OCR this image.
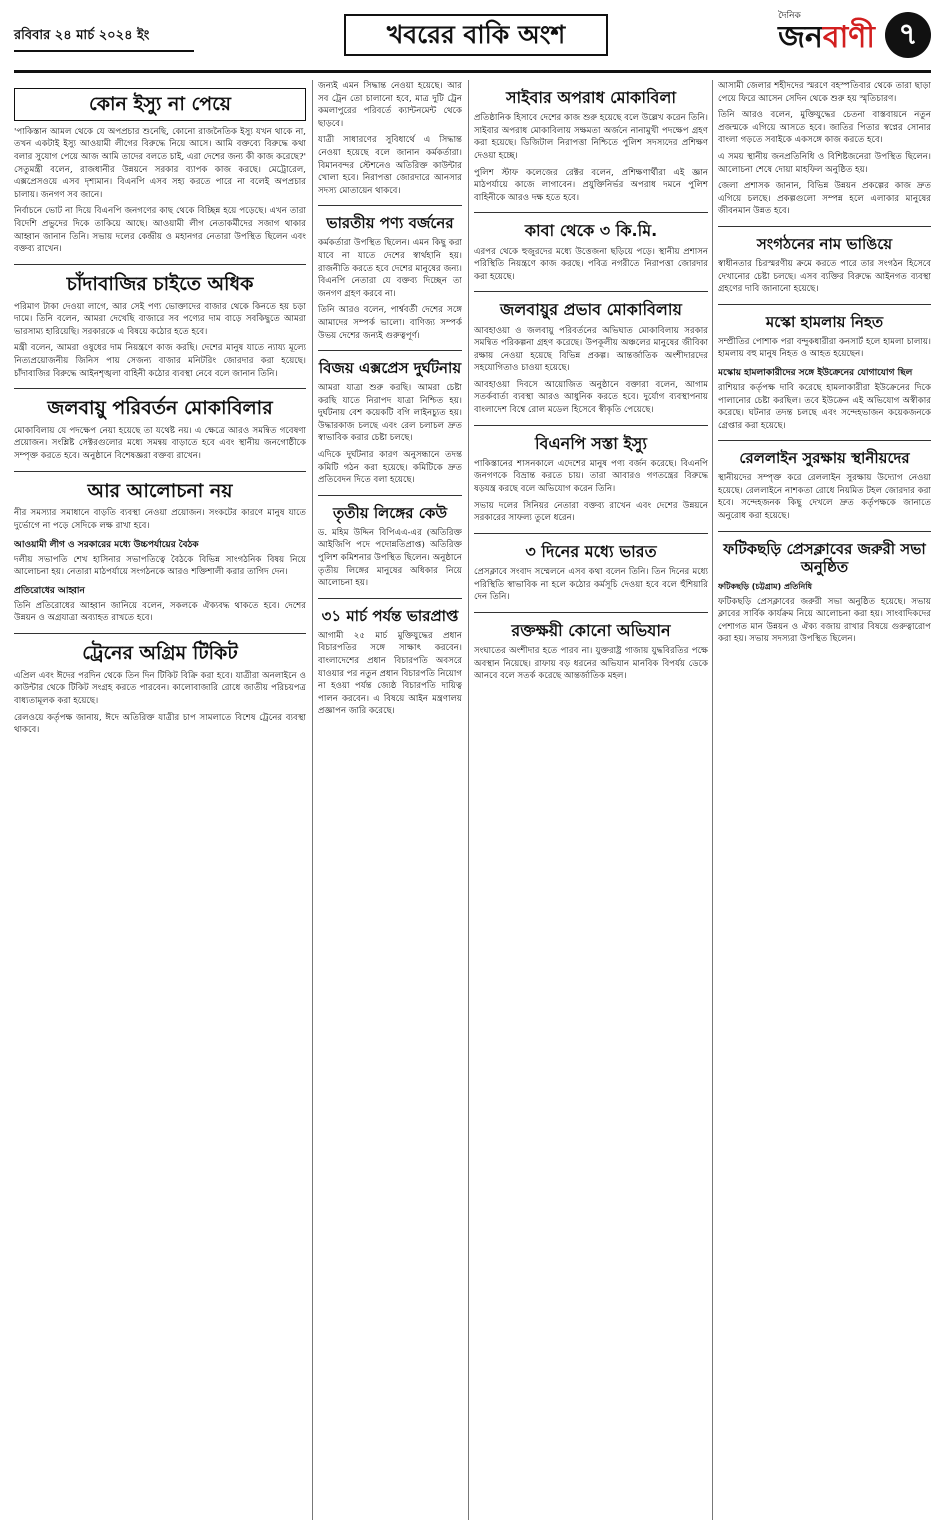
রবিবার ২৪ মার্চ ২০২৪ ইং	খবরের বাকি অংশ
দৈনিক
জনবাণী ৭
কোন ইস্যু না পেয়ে

'পাকিস্তান আমল থেকে যে অপপ্রচার শুনেছি, কোনো রাজনৈতিক ইস্যু যখন থাকে না, তখন একটাই ইস্যু আওয়ামী লীগের বিরুদ্ধে নিয়ে আসে। আমি বক্তব্যে বিরুদ্ধে কথা বলার সুযোগ পেয়ে আজ আমি তাদের বলতে চাই, এরা দেশের জন্য কী কাজ করেছে?' সেতুমন্ত্রী বলেন, রাজধানীর উন্নয়নে সরকার ব্যাপক কাজ করছে। মেট্রোরেল, এক্সপ্রেসওয়ে এসব দৃশ্যমান। বিএনপি এসব সহ্য করতে পারে না বলেই অপপ্রচার চালায়। জনগণ সব জানে।

নির্বাচনে ভোট না দিয়ে বিএনপি জনগণের কাছ থেকে বিচ্ছিন্ন হয়ে পড়েছে। এখন তারা বিদেশি প্রভুদের দিকে তাকিয়ে আছে। আওয়ামী লীগ নেতাকর্মীদের সজাগ থাকার আহ্বান জানান তিনি। সভায় দলের কেন্দ্রীয় ও মহানগর নেতারা উপস্থিত ছিলেন এবং বক্তব্য রাখেন।

চাঁদাবাজির চাইতে অধিক

পরিমাণ টাকা দেওয়া লাগে, আর সেই পণ্য ভোক্তাদের বাজার থেকে কিনতে হয় চড়া দামে। তিনি বলেন, আমরা দেখেছি বাজারে সব পণ্যের দাম বাড়ে সবকিছুতে আমরা ভারসাম্য হারিয়েছি। সরকারকে এ বিষয়ে কঠোর হতে হবে।

মন্ত্রী বলেন, আমরা ওষুধের দাম নিয়ন্ত্রণে কাজ করছি। দেশের মানুষ যাতে ন্যায্য মূল্যে নিত্যপ্রয়োজনীয় জিনিস পায় সেজন্য বাজার মনিটরিং জোরদার করা হয়েছে। চাঁদাবাজির বিরুদ্ধে আইনশৃঙ্খলা বাহিনী কঠোর ব্যবস্থা নেবে বলে জানান তিনি।

জলবায়ু পরিবর্তন মোকাবিলার

মোকাবিলায় যে পদক্ষেপ নেয়া হয়েছে তা যথেষ্ট নয়। এ ক্ষেত্রে আরও সমন্বিত গবেষণা প্রয়োজন। সংশ্লিষ্ট সেক্টরগুলোর মধ্যে সমন্বয় বাড়াতে হবে এবং স্থানীয় জনগোষ্ঠীকে সম্পৃক্ত করতে হবে। অনুষ্ঠানে বিশেষজ্ঞরা বক্তব্য রাখেন।

আর আলোচনা নয়

নীর সমস্যার সমাধানে বাড়তি ব্যবস্থা নেওয়া প্রয়োজন। সংকটের কারণে মানুষ যাতে দুর্ভোগে না পড়ে সেদিকে লক্ষ রাখা হবে।

আওয়ামী লীগ ও সরকারের মধ্যে উচ্চপর্যায়ের বৈঠক

দলীয় সভাপতি শেখ হাসিনার সভাপতিত্বে বৈঠকে বিভিন্ন সাংগঠনিক বিষয় নিয়ে আলোচনা হয়। নেতারা মাঠপর্যায়ে সংগঠনকে আরও শক্তিশালী করার তাগিদ দেন।

প্রতিরোধের আহ্বান

তিনি প্রতিরোধের আহ্বান জানিয়ে বলেন, সকলকে ঐক্যবদ্ধ থাকতে হবে। দেশের উন্নয়ন ও অগ্রযাত্রা অব্যাহত রাখতে হবে।

ট্রেনের অগ্রিম টিকিট

এপ্রিল এবং ঈদের পরদিন থেকে তিন দিন টিকিট বিক্রি করা হবে। যাত্রীরা অনলাইনে ও কাউন্টার থেকে টিকিট সংগ্রহ করতে পারবেন। কালোবাজারি রোধে জাতীয় পরিচয়পত্র বাধ্যতামূলক করা হয়েছে।

রেলওয়ে কর্তৃপক্ষ জানায়, ঈদে অতিরিক্ত যাত্রীর চাপ সামলাতে বিশেষ ট্রেনের ব্যবস্থা থাকবে।

জন্যই এমন সিদ্ধান্ত নেওয়া হয়েছে। আর সব ট্রেন তো চালানো হবে, মাত্র দুটি ট্রেন কমলাপুরের পরিবর্তে ক্যান্টনমেন্ট থেকে ছাড়বে।

যাত্রী সাধারণের সুবিধার্থে এ সিদ্ধান্ত নেওয়া হয়েছে বলে জানান কর্মকর্তারা। বিমানবন্দর স্টেশনেও অতিরিক্ত কাউন্টার খোলা হবে। নিরাপত্তা জোরদারে আনসার সদস্য মোতায়েন থাকবে।

ভারতীয় পণ্য বর্জনের

কর্মকর্তারা উপস্থিত ছিলেন। এমন কিছু করা যাবে না যাতে দেশের স্বার্থহানি হয়। রাজনীতি করতে হবে দেশের মানুষের জন্য। বিএনপি নেতারা যে বক্তব্য দিচ্ছেন তা জনগণ গ্রহণ করবে না।

তিনি আরও বলেন, পার্শ্ববর্তী দেশের সঙ্গে আমাদের সম্পর্ক ভালো। বাণিজ্য সম্পর্ক উভয় দেশের জন্যই গুরুত্বপূর্ণ।

বিজয় এক্সপ্রেস দুর্ঘটনায়

আমরা যাত্রা শুরু করছি। আমরা চেষ্টা করছি যাতে নিরাপদ যাত্রা নিশ্চিত হয়। দুর্ঘটনায় বেশ কয়েকটি বগি লাইনচ্যুত হয়। উদ্ধারকাজ চলছে এবং রেল চলাচল দ্রুত স্বাভাবিক করার চেষ্টা চলছে।

এদিকে দুর্ঘটনার কারণ অনুসন্ধানে তদন্ত কমিটি গঠন করা হয়েছে। কমিটিকে দ্রুত প্রতিবেদন দিতে বলা হয়েছে।

তৃতীয় লিঙ্গের কেউ

ড. মহিম উদ্দিন বিপিএএ-এর (অতিরিক্ত আইজিপি পদে পদোন্নতিপ্রাপ্ত) অতিরিক্ত পুলিশ কমিশনার উপস্থিত ছিলেন। অনুষ্ঠানে তৃতীয় লিঙ্গের মানুষের অধিকার নিয়ে আলোচনা হয়।

৩১ মার্চ পর্যন্ত ভারপ্রাপ্ত

আগামী ২৫ মার্চ মুক্তিযুদ্ধের প্রধান বিচারপতির সঙ্গে সাক্ষাৎ করবেন। বাংলাদেশের প্রধান বিচারপতি অবসরে যাওয়ার পর নতুন প্রধান বিচারপতি নিয়োগ না হওয়া পর্যন্ত জ্যেষ্ঠ বিচারপতি দায়িত্ব পালন করবেন। এ বিষয়ে আইন মন্ত্রণালয় প্রজ্ঞাপন জারি করেছে।

সাইবার অপরাধ মোকাবিলা

প্রতিষ্ঠানিক হিসাবে দেশের কাজ শুরু হয়েছে বলে উল্লেখ করেন তিনি। সাইবার অপরাধ মোকাবিলায় সক্ষমতা অর্জনে নানামুখী পদক্ষেপ গ্রহণ করা হয়েছে। ডিজিটাল নিরাপত্তা নিশ্চিতে পুলিশ সদস্যদের প্রশিক্ষণ দেওয়া হচ্ছে।

পুলিশ স্টাফ কলেজের রেক্টর বলেন, প্রশিক্ষণার্থীরা এই জ্ঞান মাঠপর্যায়ে কাজে লাগাবেন। প্রযুক্তিনির্ভর অপরাধ দমনে পুলিশ বাহিনীকে আরও দক্ষ হতে হবে।

কাবা থেকে ৩ কি.মি.

এরপর থেকে হুজুরদের মধ্যে উত্তেজনা ছড়িয়ে পড়ে। স্থানীয় প্রশাসন পরিস্থিতি নিয়ন্ত্রণে কাজ করছে। পবিত্র নগরীতে নিরাপত্তা জোরদার করা হয়েছে।

জলবায়ুর প্রভাব মোকাবিলায়

আবহাওয়া ও জলবায়ু পরিবর্তনের অভিঘাত মোকাবিলায় সরকার সমন্বিত পরিকল্পনা গ্রহণ করেছে। উপকূলীয় অঞ্চলের মানুষের জীবিকা রক্ষায় নেওয়া হয়েছে বিভিন্ন প্রকল্প। আন্তর্জাতিক অংশীদারদের সহযোগিতাও চাওয়া হয়েছে।

আবহাওয়া দিবসে আয়োজিত অনুষ্ঠানে বক্তারা বলেন, আগাম সতর্কবার্তা ব্যবস্থা আরও আধুনিক করতে হবে। দুর্যোগ ব্যবস্থাপনায় বাংলাদেশ বিশ্বে রোল মডেল হিসেবে স্বীকৃতি পেয়েছে।

বিএনপি সস্তা ইস্যু

পাকিস্তানের শাসনকালে এদেশের মানুষ পণ্য বর্জন করেছে। বিএনপি জনগণকে বিভ্রান্ত করতে চায়। তারা আবারও গণতন্ত্রের বিরুদ্ধে ষড়যন্ত্র করছে বলে অভিযোগ করেন তিনি।

সভায় দলের সিনিয়র নেতারা বক্তব্য রাখেন এবং দেশের উন্নয়নে সরকারের সাফল্য তুলে ধরেন।

৩ দিনের মধ্যে ভারত

প্রেসক্লাবে সংবাদ সম্মেলনে এসব কথা বলেন তিনি। তিন দিনের মধ্যে পরিস্থিতি স্বাভাবিক না হলে কঠোর কর্মসূচি দেওয়া হবে বলে হুঁশিয়ারি দেন তিনি।

রক্তক্ষয়ী কোনো অভিযান

সংঘাতের অংশীদার হতে পারব না। যুক্তরাষ্ট্র গাজায় যুদ্ধবিরতির পক্ষে অবস্থান নিয়েছে। রাফায় বড় ধরনের অভিযান মানবিক বিপর্যয় ডেকে আনবে বলে সতর্ক করেছে আন্তর্জাতিক মহল।

আসামী জেলার শহীদদের স্মরণে বহস্পতিবার থেকে তারা ছাড়া পেয়ে ফিরে আসেন সেদিন থেকে শুরু হয় স্মৃতিচারণ।

তিনি আরও বলেন, মুক্তিযুদ্ধের চেতনা বাস্তবায়নে নতুন প্রজন্মকে এগিয়ে আসতে হবে। জাতির পিতার স্বপ্নের সোনার বাংলা গড়তে সবাইকে একসঙ্গে কাজ করতে হবে।

এ সময় স্থানীয় জনপ্রতিনিধি ও বিশিষ্টজনেরা উপস্থিত ছিলেন। আলোচনা শেষে দোয়া মাহফিল অনুষ্ঠিত হয়।

জেলা প্রশাসক জানান, বিভিন্ন উন্নয়ন প্রকল্পের কাজ দ্রুত এগিয়ে চলছে। প্রকল্পগুলো সম্পন্ন হলে এলাকার মানুষের জীবনমান উন্নত হবে।

সংগঠনের নাম ভাঙিয়ে

স্বাধীনতার চিরস্মরণীয় ক্রমে করতে পারে তার সংগঠন হিসেবে দেখানোর চেষ্টা চলছে। এসব ব্যক্তির বিরুদ্ধে আইনগত ব্যবস্থা গ্রহণের দাবি জানানো হয়েছে।

মস্কো হামলায় নিহত

সম্প্রীতির পোশাক পরা বন্দুকধারীরা কনসার্ট হলে হামলা চালায়। হামলায় বহু মানুষ নিহত ও আহত হয়েছেন।

মস্কোয় হামলাকারীদের সঙ্গে ইউক্রেনের যোগাযোগ ছিল

রাশিয়ার কর্তৃপক্ষ দাবি করেছে হামলাকারীরা ইউক্রেনের দিকে পালানোর চেষ্টা করছিল। তবে ইউক্রেন এই অভিযোগ অস্বীকার করেছে। ঘটনার তদন্ত চলছে এবং সন্দেহভাজন কয়েকজনকে গ্রেপ্তার করা হয়েছে।

রেললাইন সুরক্ষায় স্থানীয়দের

স্থানীয়দের সম্পৃক্ত করে রেললাইন সুরক্ষায় উদ্যোগ নেওয়া হয়েছে। রেললাইনে নাশকতা রোধে নিয়মিত টহল জোরদার করা হবে। সন্দেহজনক কিছু দেখলে দ্রুত কর্তৃপক্ষকে জানাতে অনুরোধ করা হয়েছে।

ফটিকছড়ি প্রেসক্লাবের জরুরী সভা অনুষ্ঠিত
ফটিকছড়ি (চট্টগ্রাম) প্রতিনিধি

ফটিকছড়ি প্রেসক্লাবের জরুরী সভা অনুষ্ঠিত হয়েছে। সভায় ক্লাবের সার্বিক কার্যক্রম নিয়ে আলোচনা করা হয়। সাংবাদিকদের পেশাগত মান উন্নয়ন ও ঐক্য বজায় রাখার বিষয়ে গুরুত্বারোপ করা হয়। সভায় সদস্যরা উপস্থিত ছিলেন।
